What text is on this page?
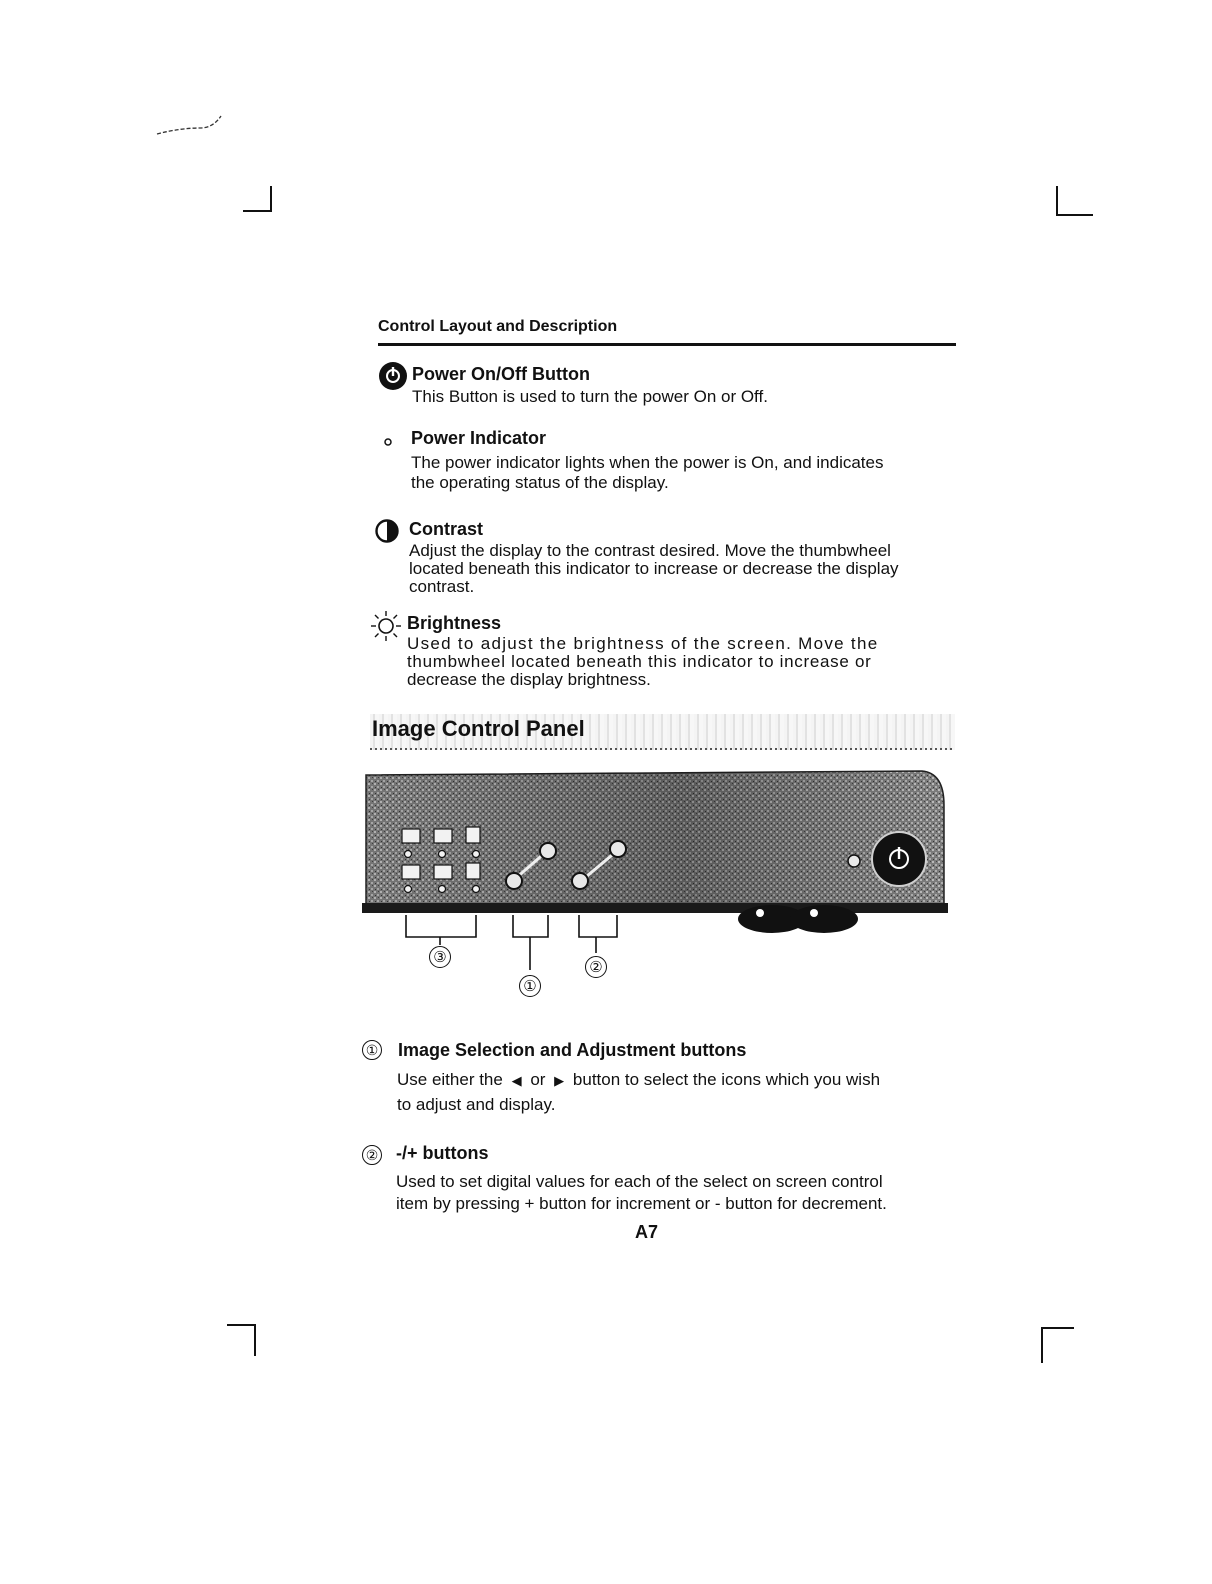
Control Layout and Description
Power On/Off Button
This Button is used to turn the power On or Off.
Power Indicator
The power indicator lights when the power is On, and indicates
the operating status of the display.
Contrast
Adjust the display to the contrast desired. Move the thumbwheel
located beneath this indicator to increase or decrease the display
contrast.
Brightness
Used to adjust the brightness of the screen. Move the
thumbwheel located beneath this indicator to increase or
decrease the display brightness.
Image Control Panel
③
①
②
① Image Selection and Adjustment buttons
Use either the ◀ or ▶ button to select the icons which you wish
to adjust and display.
② -/+ buttons
Used to set digital values for each of the select on screen control
item by pressing + button for increment or - button for decrement.
A7
